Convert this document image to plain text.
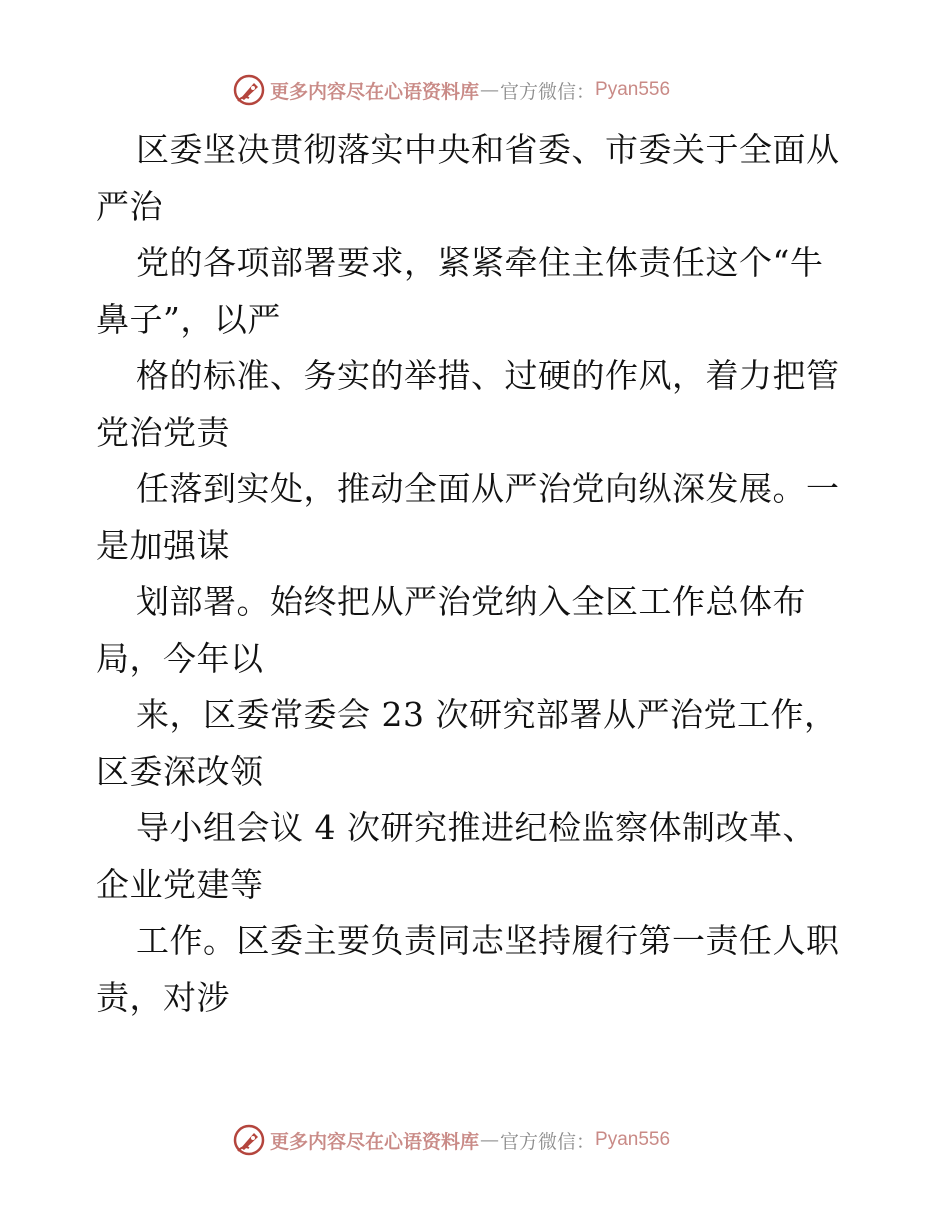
更多内容尽在心语资料库 — 官方微信： Pyan556
区委坚决贯彻落实中央和省委、市委关于全面从
严治
党的各项部署要求，紧紧牵住主体责任这个“牛
鼻子”，以严
格的标准、务实的举措、过硬的作风，着力把管
党治党责
任落到实处，推动全面从严治党向纵深发展。一
是加强谋
划部署。始终把从严治党纳入全区工作总体布
局，今年以
来，区委常委会 23 次研究部署从严治党工作，
区委深改领
导小组会议 4 次研究推进纪检监察体制改革、
企业党建等
工作。区委主要负责同志坚持履行第一责任人职
责，对涉
更多内容尽在心语资料库 — 官方微信： Pyan556
